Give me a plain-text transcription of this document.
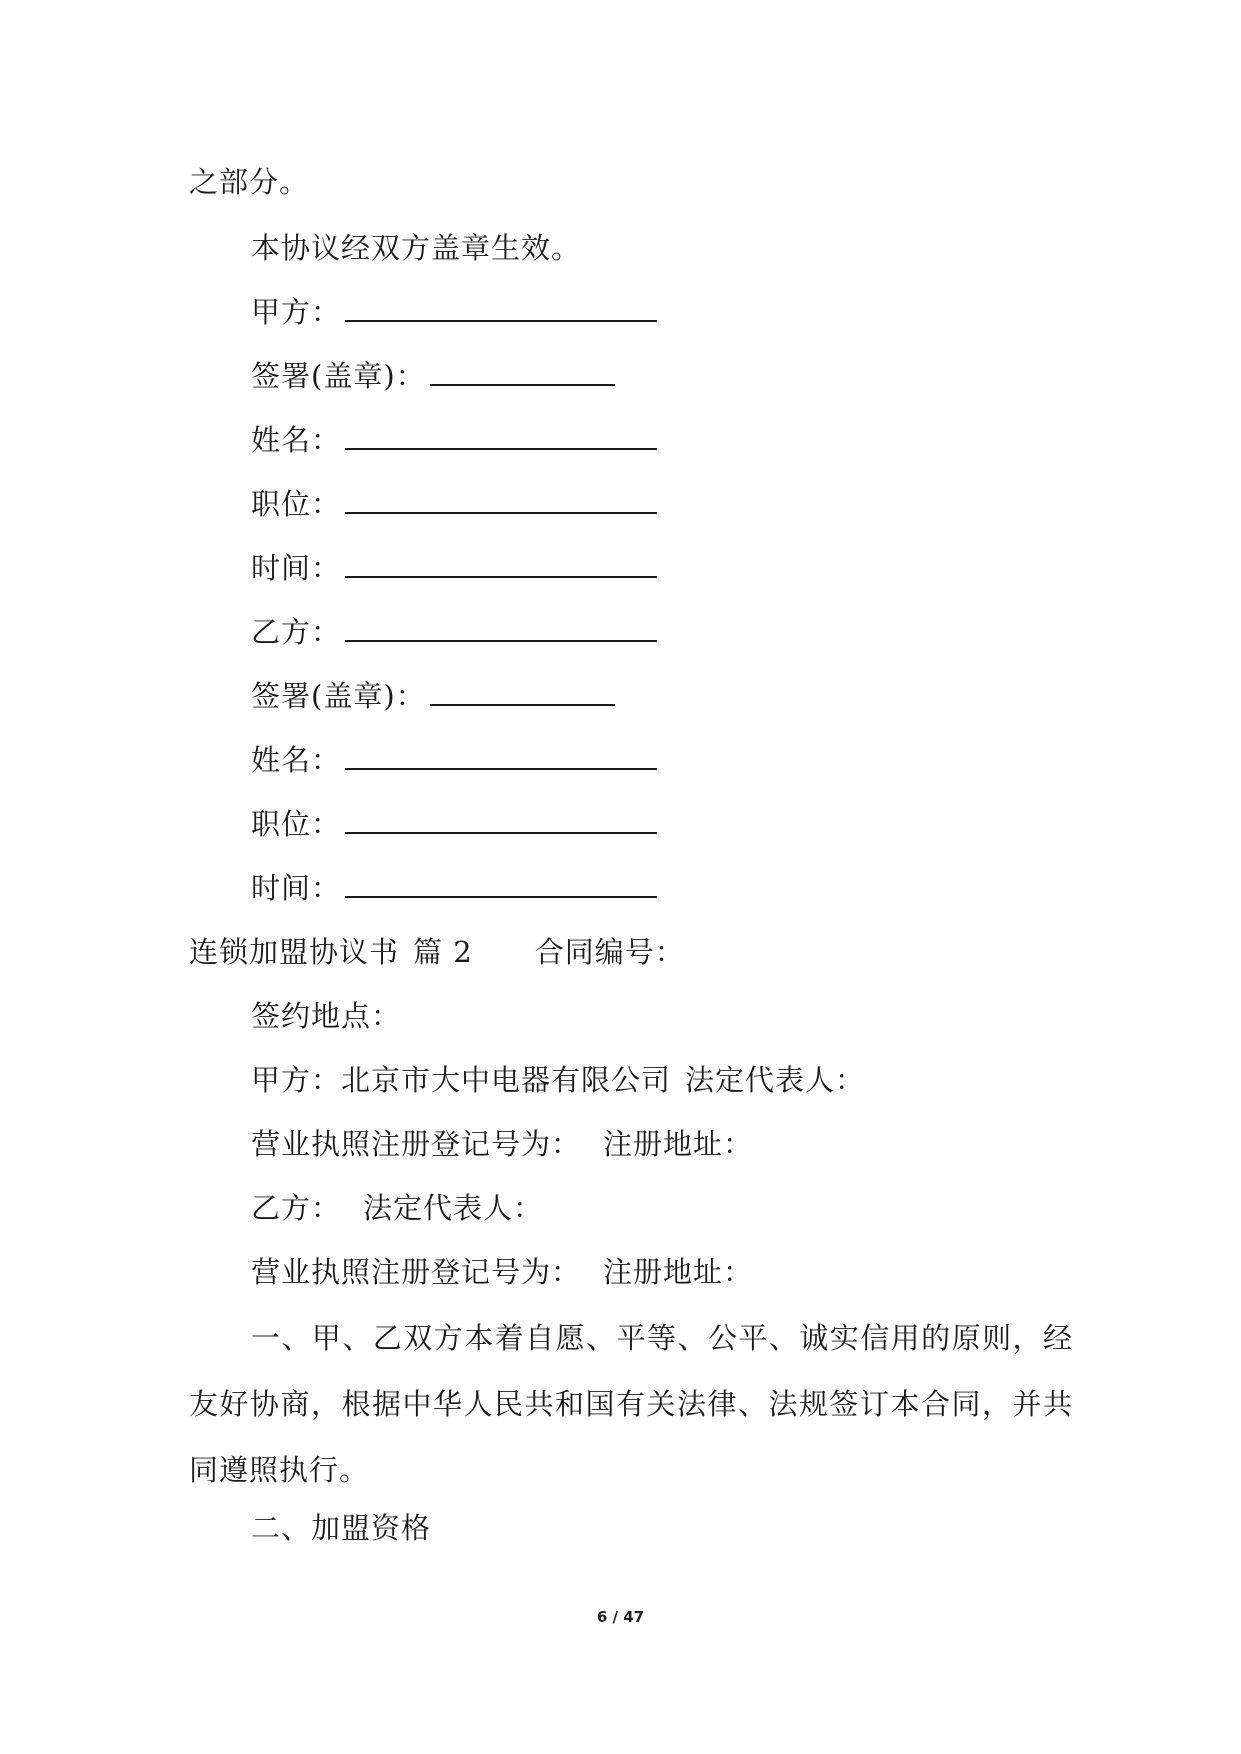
之部分。
本协议经双方盖章生效。
甲方：
签署(盖章)：
姓名：
职位：
时间：
乙方：
签署(盖章)：
姓名：
职位：
时间：
连锁加盟协议书 篇 2 合同编号：
签约地点：
甲方：北京市大中电器有限公司 法定代表人：
营业执照注册登记号为： 注册地址：
乙方： 法定代表人：
营业执照注册登记号为： 注册地址：
一、甲、乙双方本着自愿、平等、公平、诚实信用的原则，经友好协商，根据中华人民共和国有关法律、法规签订本合同，并共同遵照执行。
二、加盟资格
6 / 47
